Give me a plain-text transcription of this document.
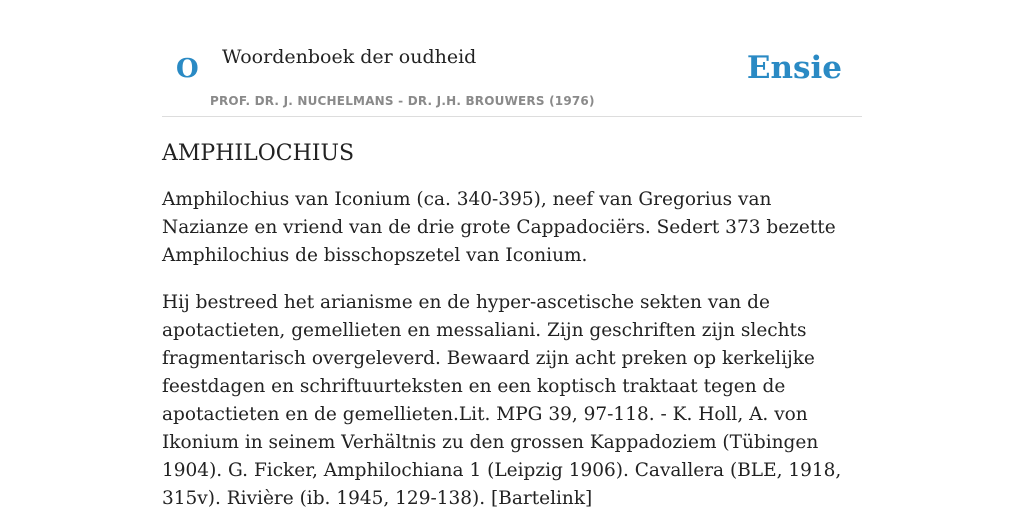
O Woordenboek der oudheid
PROF. DR. J. NUCHELMANS - DR. J.H. BROUWERS (1976)
Ensie
AMPHILOCHIUS

Amphilochius van Iconium (ca. 340-395), neef van Gregorius van Nazianze en vriend van de drie grote Cappadociërs. Sedert 373 bezette Amphilochius de bisschopszetel van Iconium.

Hij bestreed het arianisme en de hyper-ascetische sekten van de apotactieten, gemellieten en messaliani. Zijn geschriften zijn slechts fragmentarisch overgeleverd. Bewaard zijn acht preken op kerkelijke feestdagen en schriftuurteksten en een koptisch traktaat tegen de apotactieten en de gemellieten.Lit. MPG 39, 97-118. - K. Holl, A. von Ikonium in seinem Verhältnis zu den grossen Kappadoziem (Tübingen 1904). G. Ficker, Amphilochiana 1 (Leipzig 1906). Cavallera (BLE, 1918, 315v). Rivière (ib. 1945, 129-138). [Bartelink]
